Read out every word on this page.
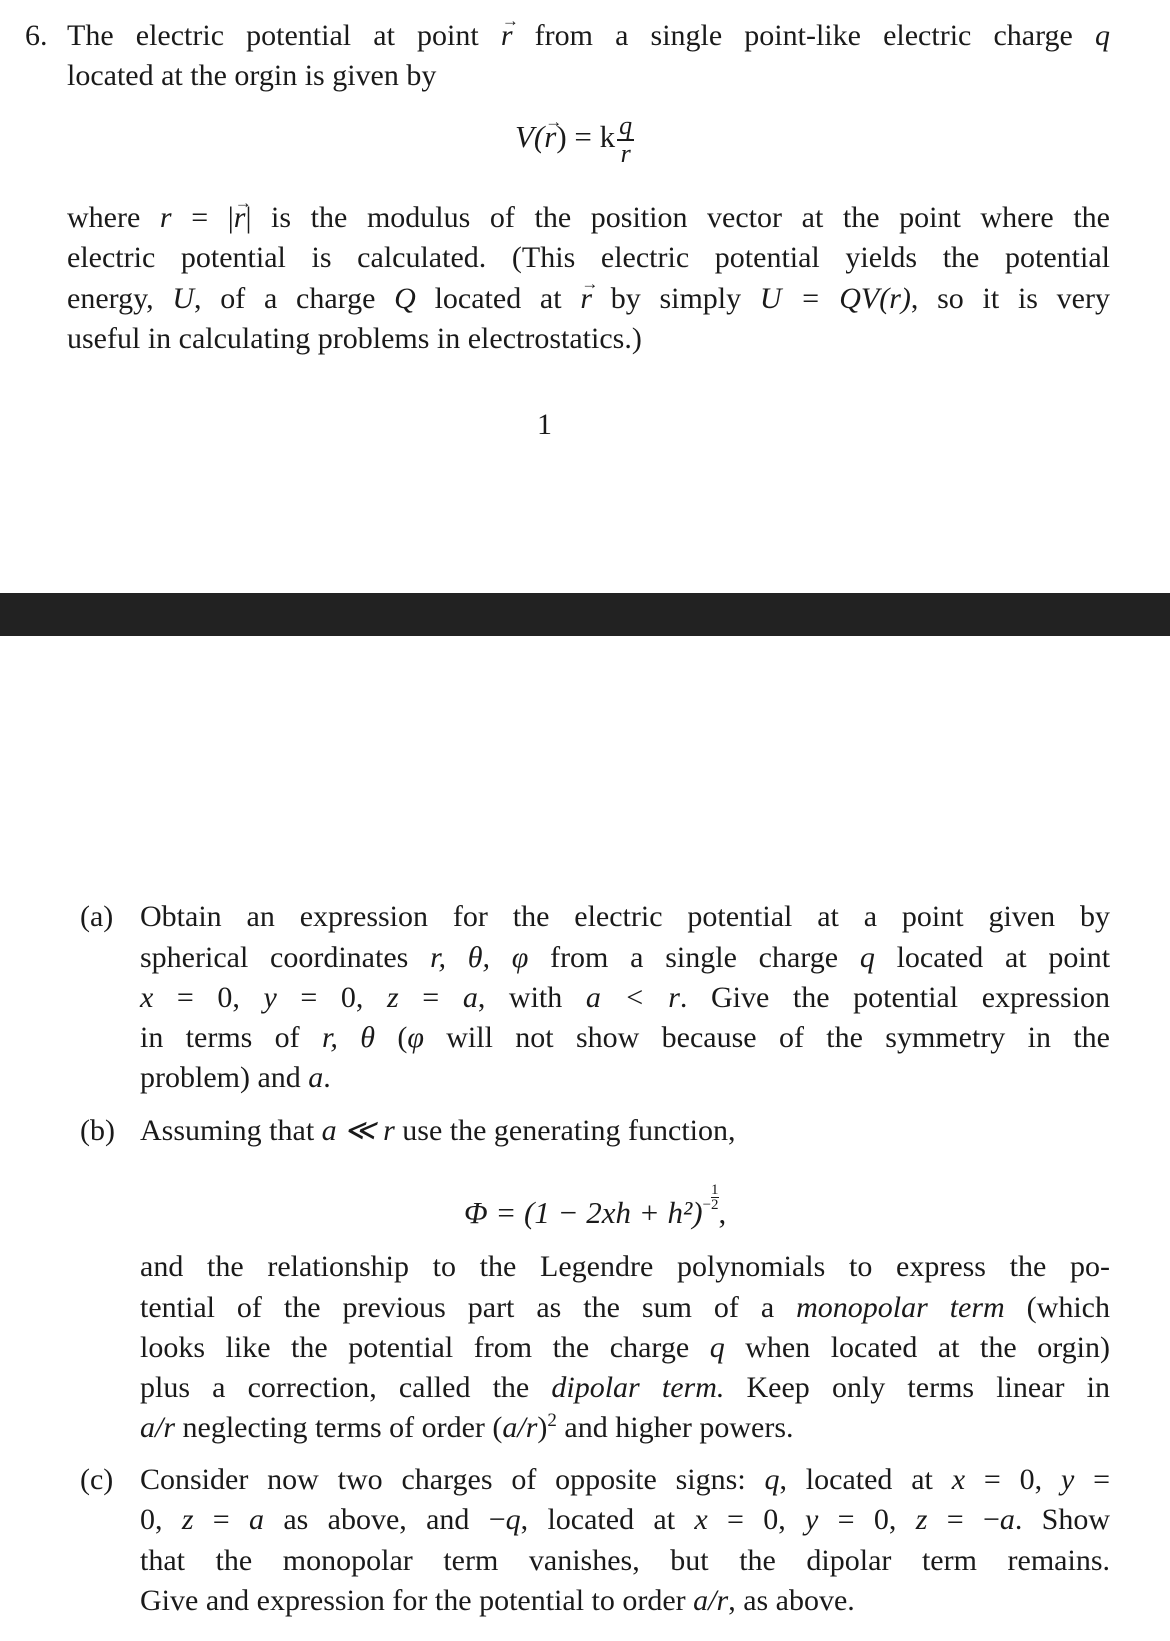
6. The electric potential at point r → from a single point-like electric charge q
located at the orgin is given by
V(r →) = k $\frac{q}{r}$
where r = |r →| is the modulus of the position vector at the point where the
electric potential is calculated. (This electric potential yields the potential
energy, U, of a charge Q located at r → by simply U = QV(r), so it is very
useful in calculating problems in electrostatics.)
1
(a) Obtain an expression for the electric potential at a point given by
spherical coordinates r, θ, φ from a single charge q located at point
x = 0, y = 0, z = a, with a < r. Give the potential expression
in terms of r, θ (φ will not show because of the symmetry in the
problem) and a.
(b) Assuming that a ≪ r use the generating function,
$\Phi = (1 - 2xh + h^2)- \frac{1}{2}$ ,
and the relationship to the Legendre polynomials to express the po-
tential of the previous part as the sum of a monopolar term (which
looks like the potential from the charge q when located at the orgin)
plus a correction, called the dipolar term. Keep only terms linear in
a/r neglecting terms of order $(a/r)^2$ and higher powers.
(c) Consider now two charges of opposite signs: q, located at x = 0, y =
0, z = a as above, and −q, located at x = 0, y = 0, z = −a. Show
that the monopolar term vanishes, but the dipolar term remains.
Give and expression for the potential to order a/r, as above.
